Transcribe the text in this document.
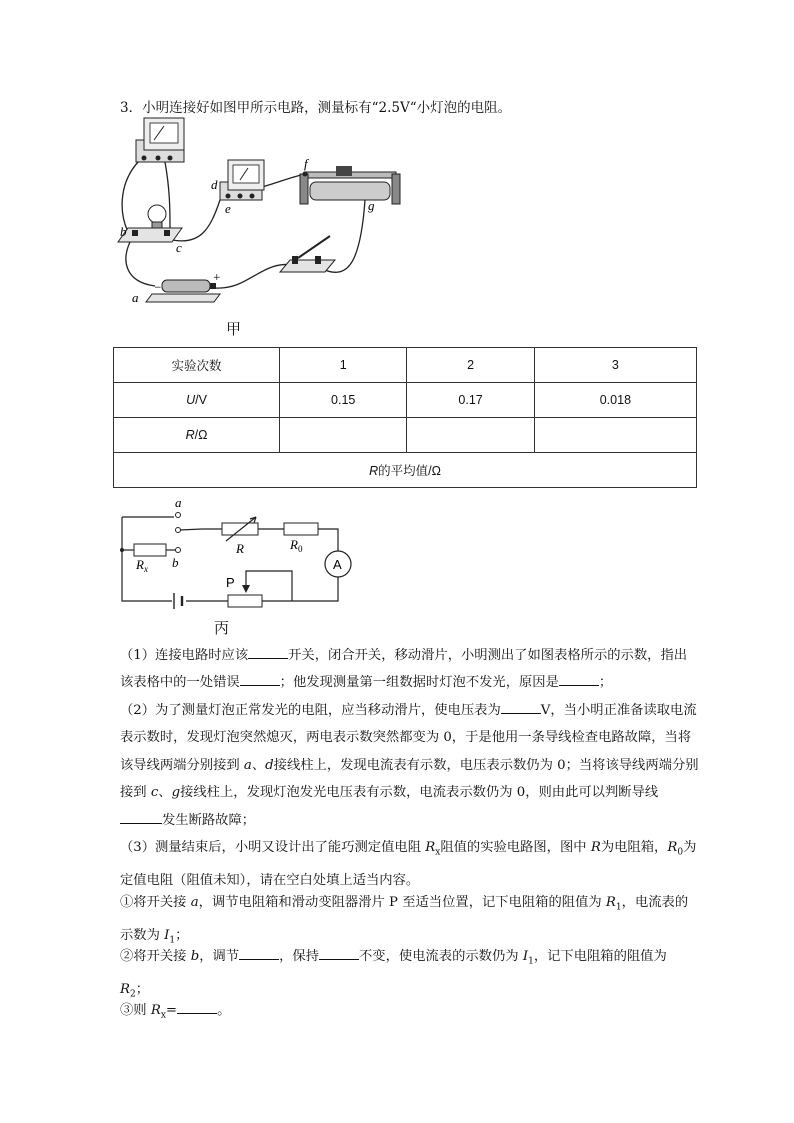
3．小明连接好如图甲所示电路，测量标有“2.5V“小灯泡的电阻。
−
+
b
c
d
e
f
g
a
甲
实验次数	1	2	3
U/V	0.15	0.17	0.018
R/Ω			
R的平均值/Ω			
a
b
R	$R_0$
$R_x$	A
P
丙

（1）连接电路时应该	开关，闭合开关，移动滑片，小明测出了如图表格所示的示数，指出该表格中的一处错误	；他发现测量第一组数据时灯泡不发光，原因是	；

（2）为了测量灯泡正常发光的电阻，应当移动滑片，使电压表为	V，当小明正准备读取电流表示数时，发现灯泡突然熄灭，两电表示数突然都变为 0，于是他用一条导线检查电路故障，当将该导线两端分别接到 a、d接线柱上，发现电流表有示数，电压表示数仍为 0；当将该导线两端分别接到 c、g接线柱上，发现灯泡发光电压表有示数，电流表示数仍为 0，则由此可以判断导线发生断路故障；

（3）测量结束后，小明又设计出了能巧测定值电阻 $R_x$阻值的实验电路图，图中 R为电阻箱，$R_0$为定值电阻（阻值未知），请在空白处填上适当内容。

①将开关接 a，调节电阻箱和滑动变阻器滑片 P 至适当位置，记下电阻箱的阻值为 $R_1$，电流表的示数为 $I_1$；

②将开关接 b，调节	，保持	不变，使电流表的示数仍为 $I_1$，记下电阻箱的阻值为 $R_2$；

③则 $R_x=$	。
